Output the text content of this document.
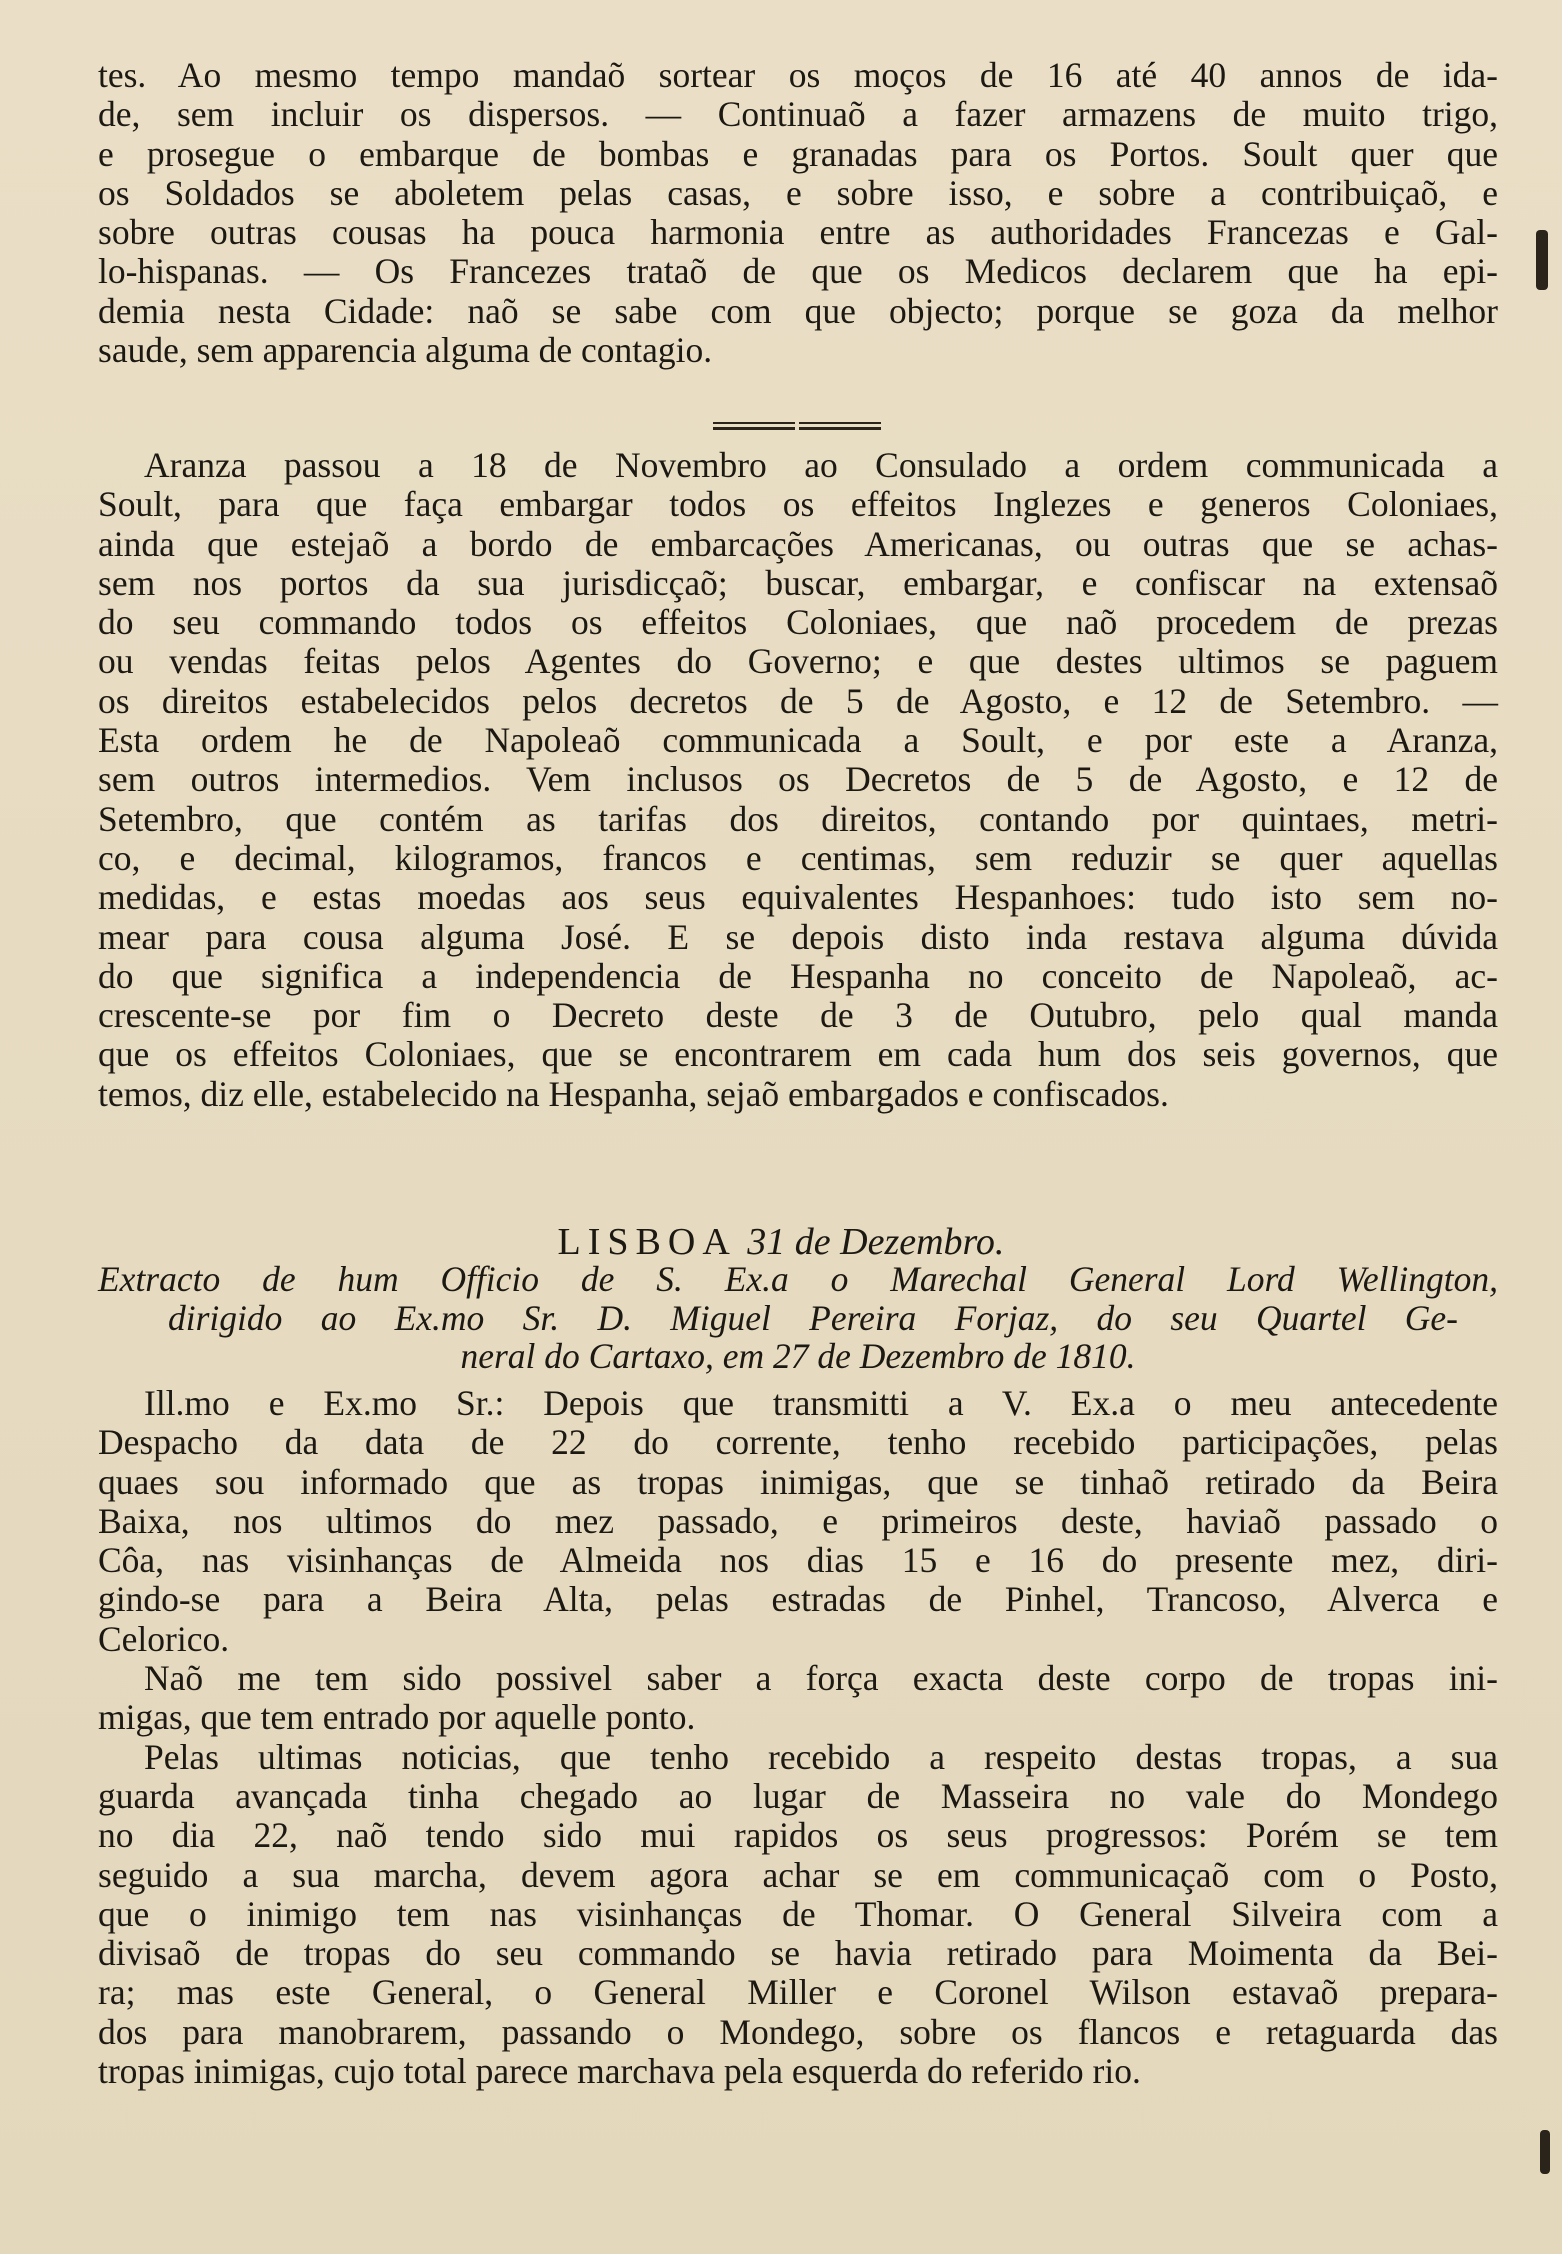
tes. Ao mesmo tempo mandaõ sortear os moços de 16 até 40 annos de ida-
de, sem incluir os dispersos. — Continuaõ a fazer armazens de muito trigo,
e prosegue o embarque de bombas e granadas para os Portos. Soult quer que
os Soldados se aboletem pelas casas, e sobre isso, e sobre a contribuiçaõ, e
sobre outras cousas ha pouca harmonia entre as authoridades Francezas e Gal-
lo-hispanas. — Os Francezes trataõ de que os Medicos declarem que ha epi-
demia nesta Cidade: naõ se sabe com que objecto; porque se goza da melhor
saude, sem apparencia alguma de contagio.
Aranza passou a 18 de Novembro ao Consulado a ordem communicada a
Soult, para que faça embargar todos os effeitos Inglezes e generos Coloniaes,
ainda que estejaõ a bordo de embarcações Americanas, ou outras que se achas-
sem nos portos da sua jurisdicçaõ; buscar, embargar, e confiscar na extensaõ
do seu commando todos os effeitos Coloniaes, que naõ procedem de prezas
ou vendas feitas pelos Agentes do Governo; e que destes ultimos se paguem
os direitos estabelecidos pelos decretos de 5 de Agosto, e 12 de Setembro. —
Esta ordem he de Napoleaõ communicada a Soult, e por este a Aranza,
sem outros intermedios. Vem inclusos os Decretos de 5 de Agosto, e 12 de
Setembro, que contém as tarifas dos direitos, contando por quintaes, metri-
co, e decimal, kilogramos, francos e centimas, sem reduzir se quer aquellas
medidas, e estas moedas aos seus equivalentes Hespanhoes: tudo isto sem no-
mear para cousa alguma José. E se depois disto inda restava alguma dúvida
do que significa a independencia de Hespanha no conceito de Napoleaõ, ac-
crescente-se por fim o Decreto deste de 3 de Outubro, pelo qual manda
que os effeitos Coloniaes, que se encontrarem em cada hum dos seis governos, que
temos, diz elle, estabelecido na Hespanha, sejaõ embargados e confiscados.
LISBOA 31 de Dezembro.
Extracto de hum Officio de S. Ex.a o Marechal General Lord Wellington,
dirigido ao Ex.mo Sr. D. Miguel Pereira Forjaz, do seu Quartel Ge-
neral do Cartaxo, em 27 de Dezembro de 1810.
Ill.mo e Ex.mo Sr.: Depois que transmitti a V. Ex.a o meu antecedente
Despacho da data de 22 do corrente, tenho recebido participações, pelas
quaes sou informado que as tropas inimigas, que se tinhaõ retirado da Beira
Baixa, nos ultimos do mez passado, e primeiros deste, haviaõ passado o
Côa, nas visinhanças de Almeida nos dias 15 e 16 do presente mez, diri-
gindo-se para a Beira Alta, pelas estradas de Pinhel, Trancoso, Alverca e
Celorico.
Naõ me tem sido possivel saber a força exacta deste corpo de tropas ini-
migas, que tem entrado por aquelle ponto.
Pelas ultimas noticias, que tenho recebido a respeito destas tropas, a sua
guarda avançada tinha chegado ao lugar de Masseira no vale do Mondego
no dia 22, naõ tendo sido mui rapidos os seus progressos: Porém se tem
seguido a sua marcha, devem agora achar se em communicaçaõ com o Posto,
que o inimigo tem nas visinhanças de Thomar. O General Silveira com a
divisaõ de tropas do seu commando se havia retirado para Moimenta da Bei-
ra; mas este General, o General Miller e Coronel Wilson estavaõ prepara-
dos para manobrarem, passando o Mondego, sobre os flancos e retaguarda das
tropas inimigas, cujo total parece marchava pela esquerda do referido rio.
